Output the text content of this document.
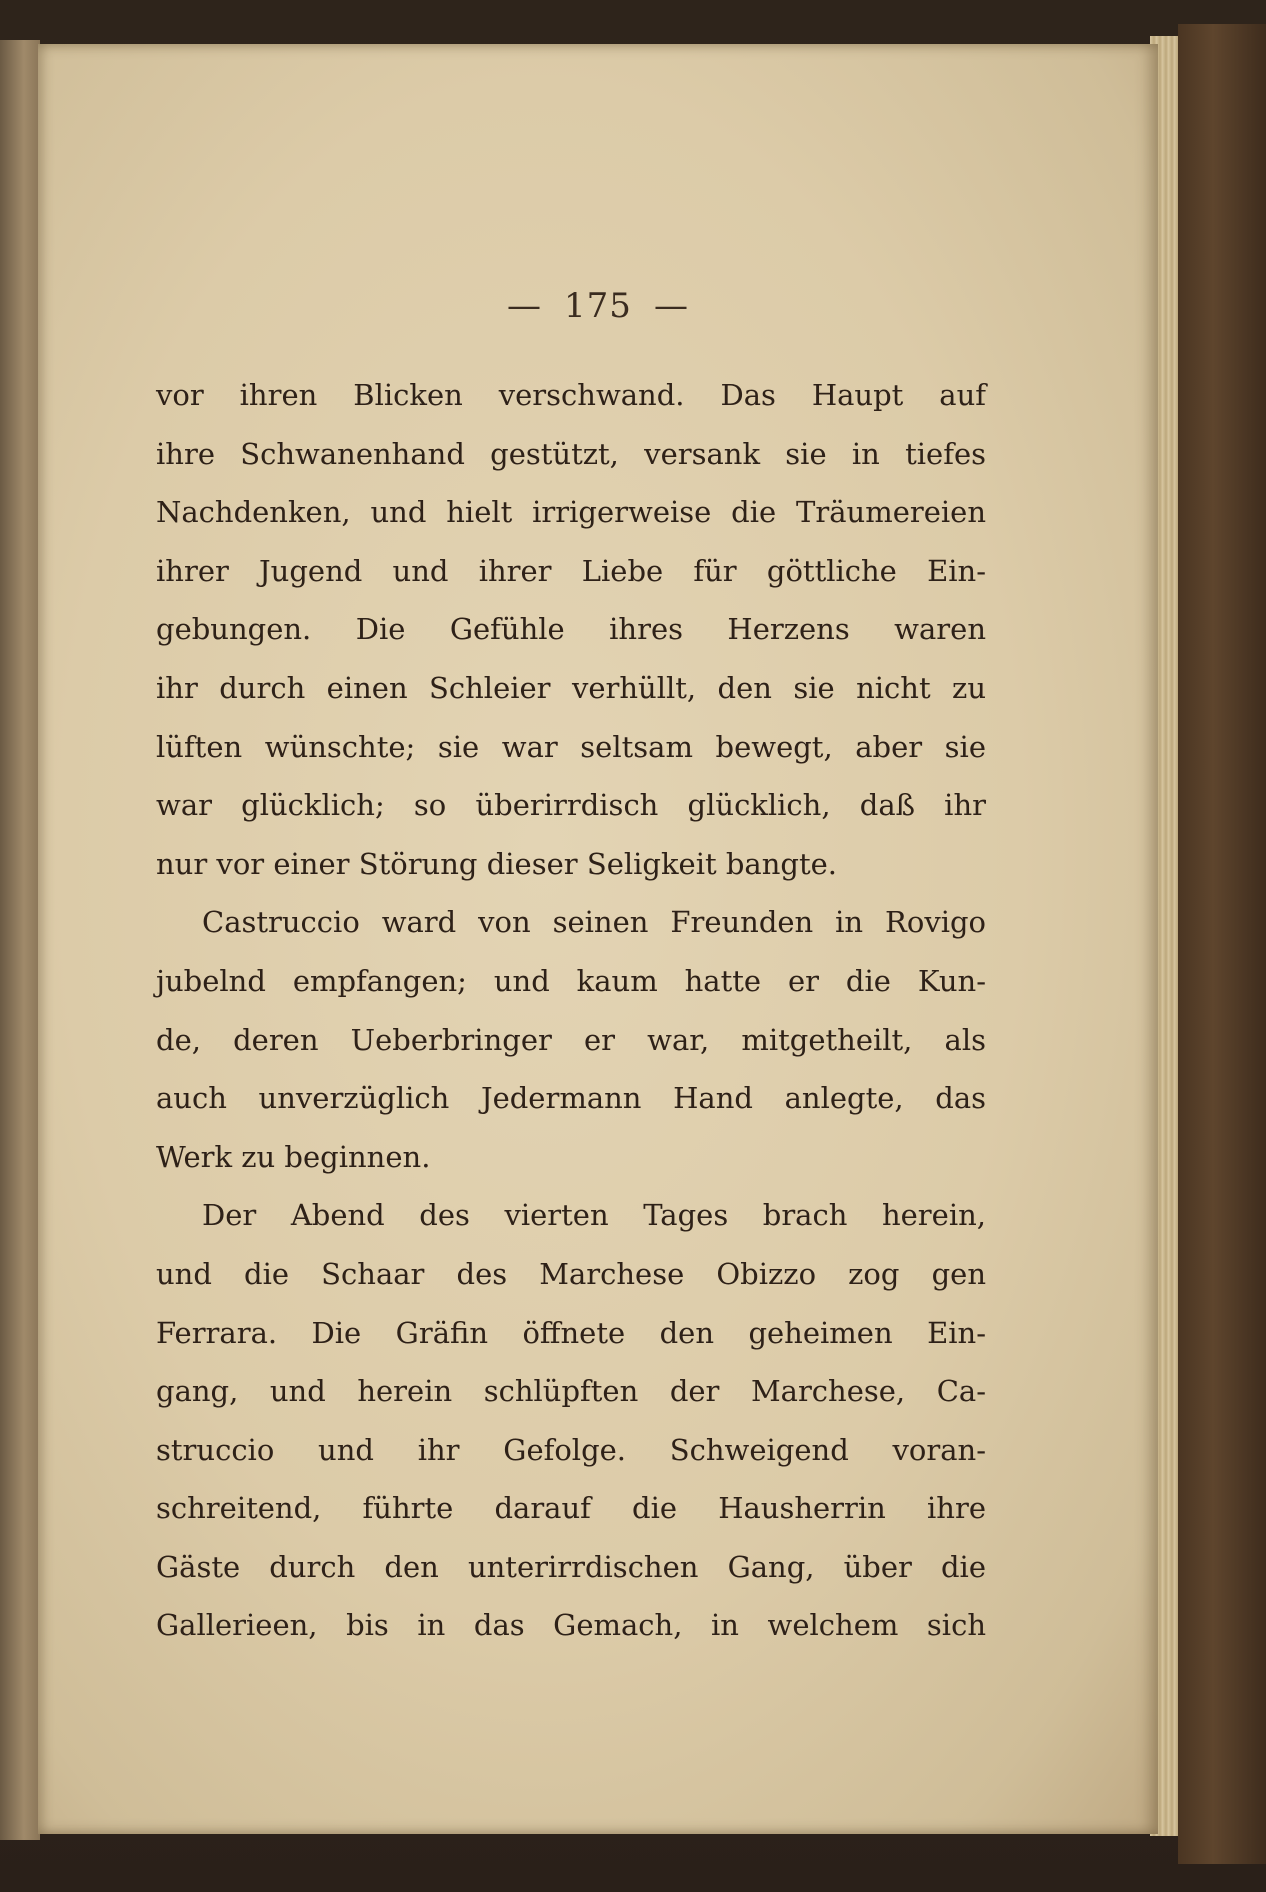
— 175 —
vor ihren Blicken verschwand. Das Haupt auf
ihre Schwanenhand gestützt, versank sie in tiefes
Nachdenken, und hielt irrigerweise die Träumereien
ihrer Jugend und ihrer Liebe für göttliche Ein-
gebungen. Die Gefühle ihres Herzens waren
ihr durch einen Schleier verhüllt, den sie nicht zu
lüften wünschte; sie war seltsam bewegt, aber sie
war glücklich; so überirrdisch glücklich, daß ihr
nur vor einer Störung dieser Seligkeit bangte.
Castruccio ward von seinen Freunden in Rovigo
jubelnd empfangen; und kaum hatte er die Kun-
de, deren Ueberbringer er war, mitgetheilt, als
auch unverzüglich Jedermann Hand anlegte, das
Werk zu beginnen.
Der Abend des vierten Tages brach herein,
und die Schaar des Marchese Obizzo zog gen
Ferrara. Die Gräfin öffnete den geheimen Ein-
gang, und herein schlüpften der Marchese, Ca-
struccio und ihr Gefolge. Schweigend voran-
schreitend, führte darauf die Hausherrin ihre
Gäste durch den unterirrdischen Gang, über die
Gallerieen, bis in das Gemach, in welchem sich
